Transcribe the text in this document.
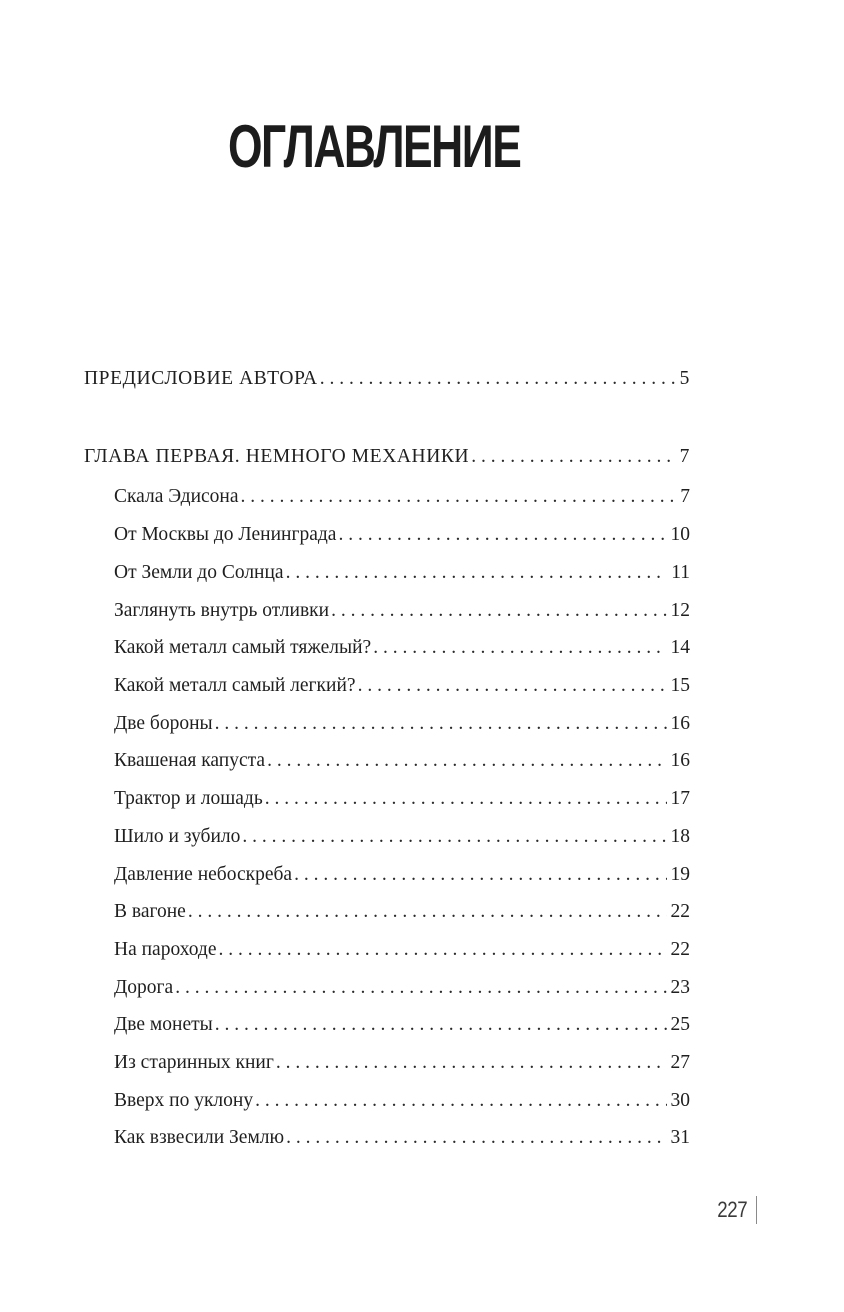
ОГЛАВЛЕНИЕ
ПРЕДИСЛОВИЕ АВТОРА . . .	5
ГЛАВА ПЕРВАЯ. НЕМНОГО МЕХАНИКИ . . .	7
Скала Эдисона . . .	7
От Москвы до Ленинграда . . .	10
От Земли до Солнца . . .	11
Заглянуть внутрь отливки . . .	12
Какой металл самый тяжелый? . . .	14
Какой металл самый легкий? . . .	15
Две бороны . . .	16
Квашеная капуста . . .	16
Трактор и лошадь . . .	17
Шило и зубило . . .	18
Давление небоскреба . . .	19
В вагоне . . .	22
На пароходе . . .	22
Дорога . . .	23
Две монеты . . .	25
Из старинных книг . . .	27
Вверх по уклону . . .	30
Как взвесили Землю . . .	31
227
